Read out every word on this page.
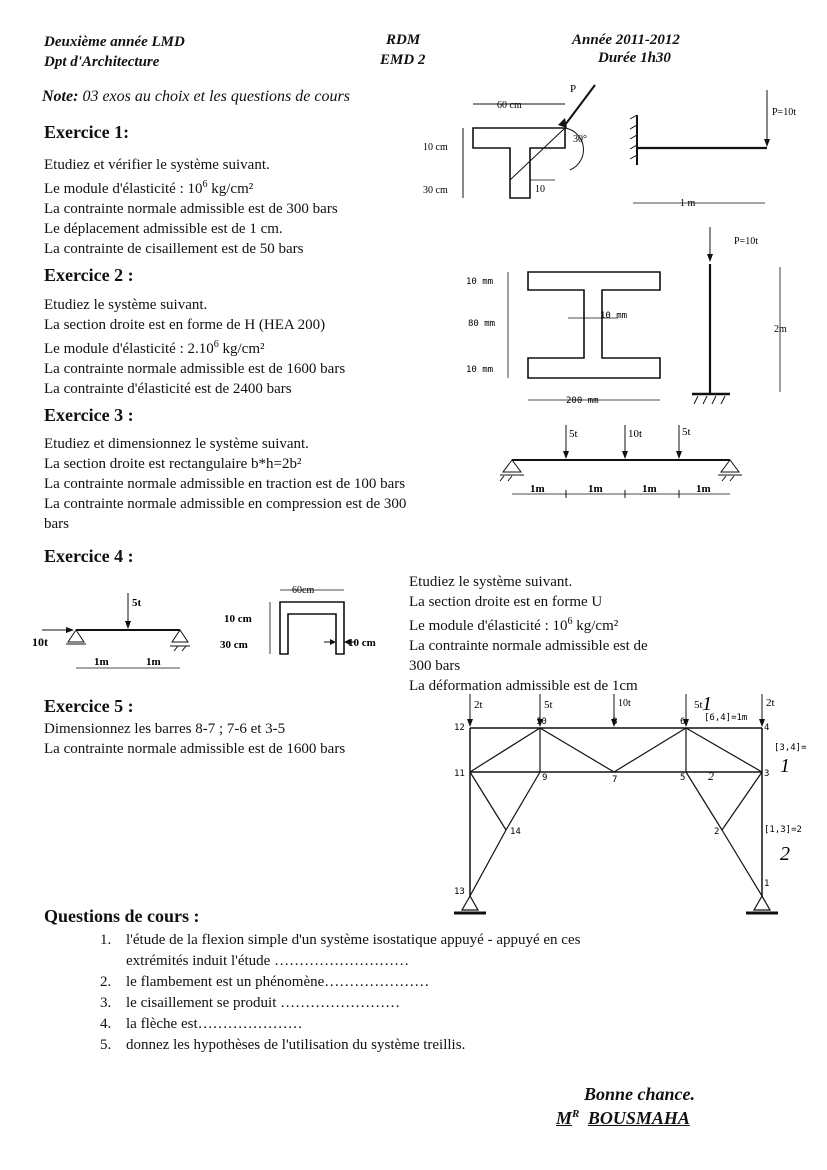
Deuxième année LMD
Dpt d'Architecture
RDM
EMD 2
Année 2011-2012
Durée 1h30
Note: 03 exos au choix et les questions de cours
Exercice 1:
Etudiez et vérifier le système suivant.
Le module d'élasticité : $10^6$ kg/cm²
La contrainte normale admissible est de 300 bars
Le déplacement admissible est de 1 cm.
La contrainte de cisaillement est de 50 bars
60 cm
10 cm
30 cm	10
30°
P
P=10t
1 m
Exercice 2 :
Etudiez le système suivant.
La section droite est en forme de H (HEA 200)
Le module d'élasticité : 2.10$^6$ kg/cm²
La contrainte normale admissible est de 1600 bars
La contrainte d'élasticité est de 2400 bars
10 mm
80 mm
10 mm
10 mm
200 mm
P=10t
2m
Exercice 3 :
Etudiez et dimensionnez le système suivant.
La section droite est rectangulaire b*h=2b²
La contrainte normale admissible en traction est de 100 bars
La contrainte normale admissible en compression est de 300
bars
5t	10t	5t
1m	1m	1m	1m
Exercice 4 :
Etudiez le système suivant.
La section droite est en forme U
Le module d'élasticité : $10^6$ kg/cm²
La contrainte normale admissible est de
300 bars
La déformation admissible est de 1cm
5t
10t
1m	1m
60cm
10 cm
30 cm	10 cm
Exercice 5 :
Dimensionnez les barres 8-7 ; 7-6 et 3-5
La contrainte normale admissible est de 1600 bars
2t	5t	10t	5t	2t
12
10	8	6
4
11	9	7	5	3
14	2
13
1
[6,4]=1m
[3,4]=
[1,3]=2
1
1
2
2
Questions de cours :
1. l'étude de la flexion simple d'un système isostatique appuyé - appuyé en ces
extrémités induit l'étude ………………………
2. le flambement est un phénomène…………………
3. le cisaillement se produit ……………………
4. la flèche est…………………
5. donnez les hypothèses de l'utilisation du système treillis.
Bonne chance.
$M^R$ BOUSMAHA
